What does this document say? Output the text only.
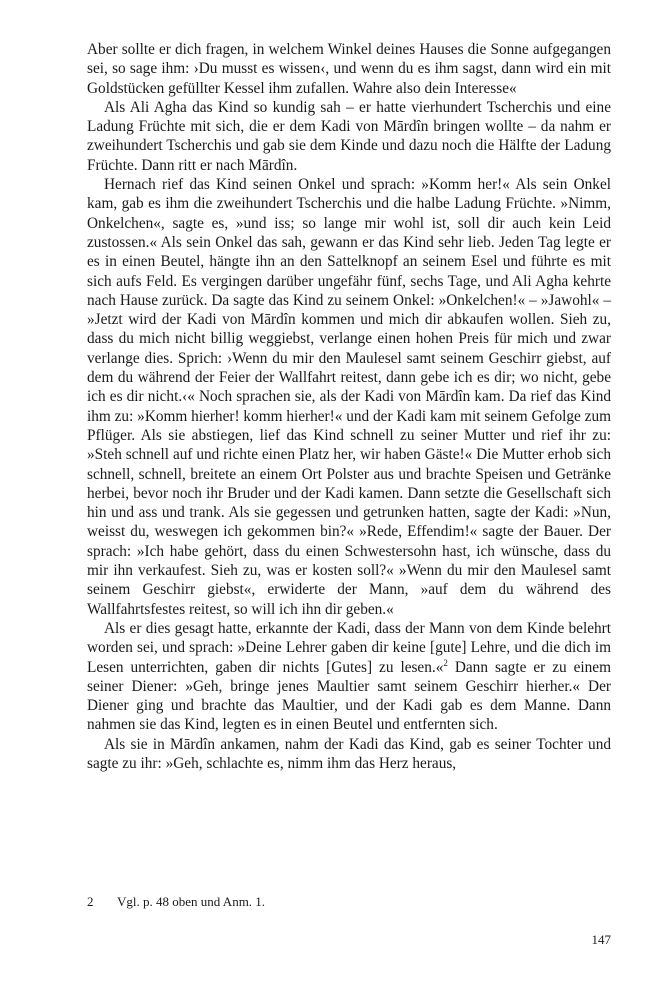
Aber sollte er dich fragen, in welchem Winkel deines Hauses die Sonne aufgegangen sei, so sage ihm: ›Du musst es wissen‹, und wenn du es ihm sagst, dann wird ein mit Goldstücken gefüllter Kessel ihm zufallen. Wahre also dein Interesse«

Als Ali Agha das Kind so kundig sah – er hatte vierhundert Tscherchis und eine Ladung Früchte mit sich, die er dem Kadi von Mārdîn bringen wollte – da nahm er zweihundert Tscherchis und gab sie dem Kinde und dazu noch die Hälfte der Ladung Früchte. Dann ritt er nach Mārdîn.

Hernach rief das Kind seinen Onkel und sprach: »Komm her!« Als sein Onkel kam, gab es ihm die zweihundert Tscherchis und die halbe Ladung Früchte. »Nimm, Onkelchen«, sagte es, »und iss; so lange mir wohl ist, soll dir auch kein Leid zustossen.« Als sein Onkel das sah, gewann er das Kind sehr lieb. Jeden Tag legte er es in einen Beutel, hängte ihn an den Sattelknopf an seinem Esel und führte es mit sich aufs Feld. Es vergingen darüber ungefähr fünf, sechs Tage, und Ali Agha kehrte nach Hause zurück. Da sagte das Kind zu seinem Onkel: »Onkelchen!« – »Jawohl« – »Jetzt wird der Kadi von Mārdîn kommen und mich dir abkaufen wollen. Sieh zu, dass du mich nicht billig weggiebst, verlange einen hohen Preis für mich und zwar verlange dies. Sprich: ›Wenn du mir den Maulesel samt seinem Geschirr giebst, auf dem du während der Feier der Wallfahrt reitest, dann gebe ich es dir; wo nicht, gebe ich es dir nicht.‹« Noch sprachen sie, als der Kadi von Mārdîn kam. Da rief das Kind ihm zu: »Komm hierher! komm hierher!« und der Kadi kam mit seinem Gefolge zum Pflüger. Als sie abstiegen, lief das Kind schnell zu seiner Mutter und rief ihr zu: »Steh schnell auf und richte einen Platz her, wir haben Gäste!« Die Mutter erhob sich schnell, schnell, breitete an einem Ort Polster aus und brachte Speisen und Getränke herbei, bevor noch ihr Bruder und der Kadi kamen. Dann setzte die Gesellschaft sich hin und ass und trank. Als sie gegessen und getrunken hatten, sagte der Kadi: »Nun, weisst du, weswegen ich gekommen bin?« »Rede, Effendim!« sagte der Bauer. Der sprach: »Ich habe gehört, dass du einen Schwestersohn hast, ich wünsche, dass du mir ihn verkaufest. Sieh zu, was er kosten soll?« »Wenn du mir den Maulesel samt seinem Geschirr giebst«, erwiderte der Mann, »auf dem du während des Wallfahrtsfestes reitest, so will ich ihn dir geben.«

Als er dies gesagt hatte, erkannte der Kadi, dass der Mann von dem Kinde belehrt worden sei, und sprach: »Deine Lehrer gaben dir keine [gute] Lehre, und die dich im Lesen unterrichten, gaben dir nichts [Gutes] zu lesen.«$^2$ Dann sagte er zu einem seiner Diener: »Geh, bringe jenes Maultier samt seinem Geschirr hierher.« Der Diener ging und brachte das Maultier, und der Kadi gab es dem Manne. Dann nahmen sie das Kind, legten es in einen Beutel und entfernten sich.

Als sie in Mārdîn ankamen, nahm der Kadi das Kind, gab es seiner Tochter und sagte zu ihr: »Geh, schlachte es, nimm ihm das Herz heraus,

2 Vgl. p. 48 oben und Anm. 1.
147
